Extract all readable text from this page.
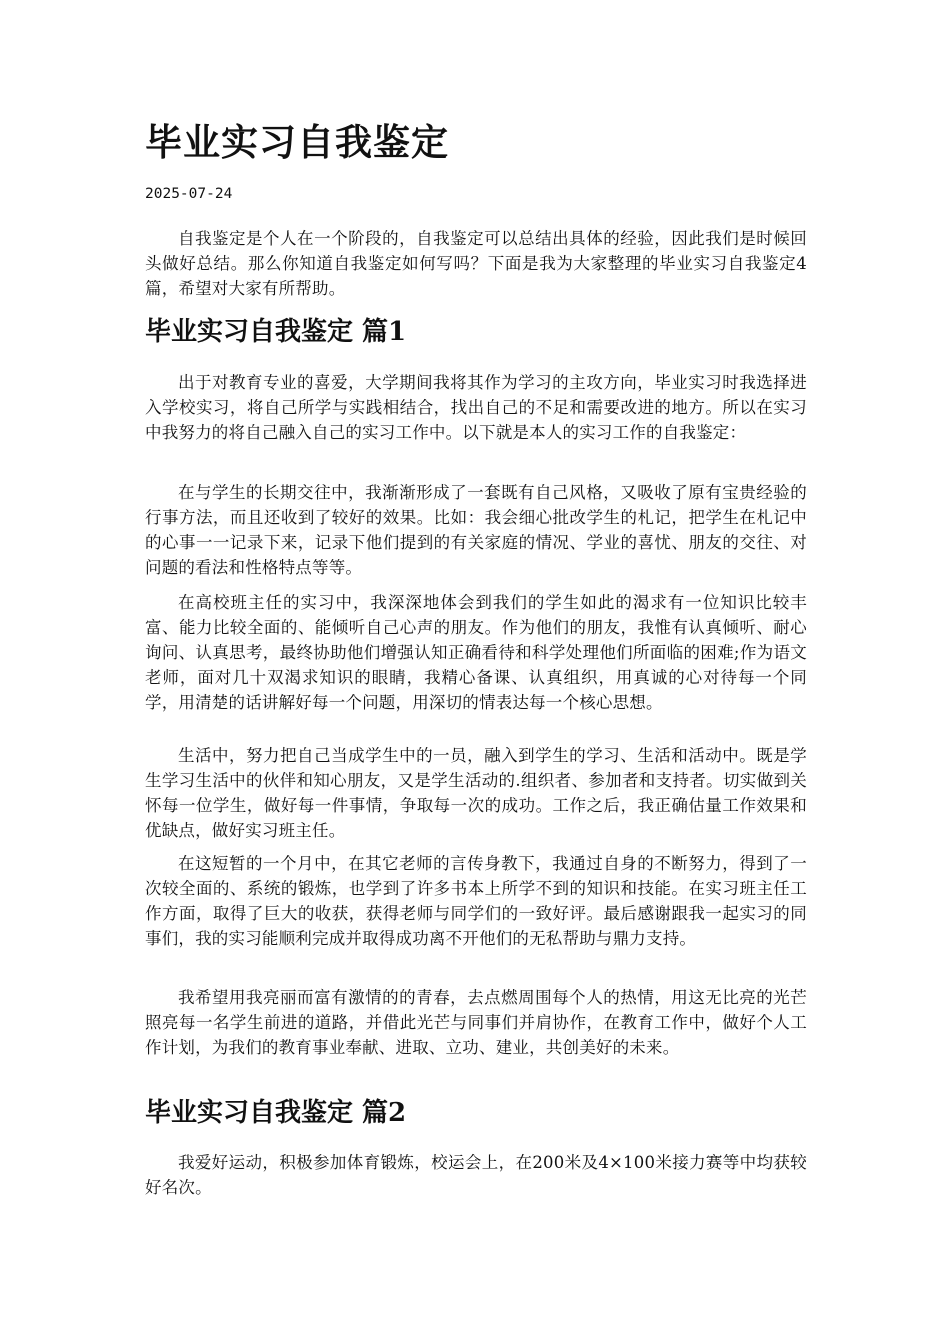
毕业实习自我鉴定
2025-07-24

自我鉴定是个人在一个阶段的，自我鉴定可以总结出具体的经验，因此我们是时候回头做好总结。那么你知道自我鉴定如何写吗？下面是我为大家整理的毕业实习自我鉴定4篇，希望对大家有所帮助。

毕业实习自我鉴定 篇1

出于对教育专业的喜爱，大学期间我将其作为学习的主攻方向，毕业实习时我选择进入学校实习，将自己所学与实践相结合，找出自己的不足和需要改进的地方。所以在实习中我努力的将自己融入自己的实习工作中。以下就是本人的实习工作的自我鉴定：

在与学生的长期交往中，我渐渐形成了一套既有自己风格，又吸收了原有宝贵经验的行事方法，而且还收到了较好的效果。比如：我会细心批改学生的札记，把学生在札记中的心事一一记录下来，记录下他们提到的有关家庭的情况、学业的喜忧、朋友的交往、对问题的看法和性格特点等等。

在高校班主任的实习中，我深深地体会到我们的学生如此的渴求有一位知识比较丰富、能力比较全面的、能倾听自己心声的朋友。作为他们的朋友，我惟有认真倾听、耐心询问、认真思考，最终协助他们增强认知正确看待和科学处理他们所面临的困难;作为语文老师，面对几十双渴求知识的眼睛，我精心备课、认真组织，用真诚的心对待每一个同学，用清楚的话讲解好每一个问题，用深切的情表达每一个核心思想。

生活中，努力把自己当成学生中的一员，融入到学生的学习、生活和活动中。既是学生学习生活中的伙伴和知心朋友，又是学生活动的.组织者、参加者和支持者。切实做到关怀每一位学生，做好每一件事情，争取每一次的成功。工作之后，我正确估量工作效果和优缺点，做好实习班主任。

在这短暂的一个月中，在其它老师的言传身教下，我通过自身的不断努力，得到了一次较全面的、系统的锻炼，也学到了许多书本上所学不到的知识和技能。在实习班主任工作方面，取得了巨大的收获，获得老师与同学们的一致好评。最后感谢跟我一起实习的同事们，我的实习能顺利完成并取得成功离不开他们的无私帮助与鼎力支持。

我希望用我亮丽而富有激情的的青春，去点燃周围每个人的热情，用这无比亮的光芒照亮每一名学生前进的道路，并借此光芒与同事们并肩协作，在教育工作中，做好个人工作计划，为我们的教育事业奉献、进取、立功、建业，共创美好的未来。

毕业实习自我鉴定 篇2

我爱好运动，积极参加体育锻炼，校运会上，在200米及4×100米接力赛等中均获较好名次。
